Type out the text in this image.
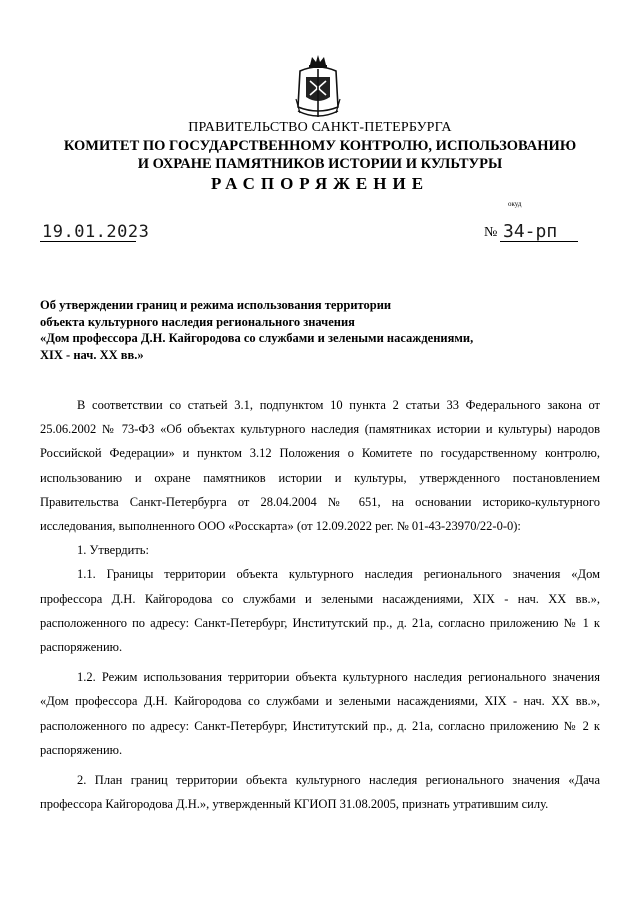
ПРАВИТЕЛЬСТВО САНКТ-ПЕТЕРБУРГА
КОМИТЕТ ПО ГОСУДАРСТВЕННОМУ КОНТРОЛЮ, ИСПОЛЬЗОВАНИЮ
И ОХРАНЕ ПАМЯТНИКОВ ИСТОРИИ И КУЛЬТУРЫ
РАСПОРЯЖЕНИЕ
окуд
19.01.2023	№ 34-рп
Об утверждении границ и режима использования территории
объекта культурного наследия регионального значения
«Дом профессора Д.Н. Кайгородова со службами и зелеными насаждениями,
XIX - нач. XX вв.»

В соответствии со статьей 3.1, подпунктом 10 пункта 2 статьи 33 Федерального закона от 25.06.2002 № 73-ФЗ «Об объектах культурного наследия (памятниках истории и культуры) народов Российской Федерации» и пунктом 3.12 Положения о Комитете по государственному контролю, использованию и охране памятников истории и культуры, утвержденного постановлением Правительства Санкт-Петербурга от 28.04.2004 № 651, на основании историко-культурного исследования, выполненного ООО «Росскарта» (от 12.09.2022 рег. № 01-43-23970/22-0-0):

1. Утвердить:

1.1. Границы территории объекта культурного наследия регионального значения «Дом профессора Д.Н. Кайгородова со службами и зелеными насаждениями, XIX - нач. XX вв.», расположенного по адресу: Санкт-Петербург, Институтский пр., д. 21а, согласно приложению № 1 к распоряжению.

1.2. Режим использования территории объекта культурного наследия регионального значения «Дом профессора Д.Н. Кайгородова со службами и зелеными насаждениями, XIX - нач. XX вв.», расположенного по адресу: Санкт-Петербург, Институтский пр., д. 21а, согласно приложению № 2 к распоряжению.

2. План границ территории объекта культурного наследия регионального значения «Дача профессора Кайгородова Д.Н.», утвержденный КГИОП 31.08.2005, признать утратившим силу.
